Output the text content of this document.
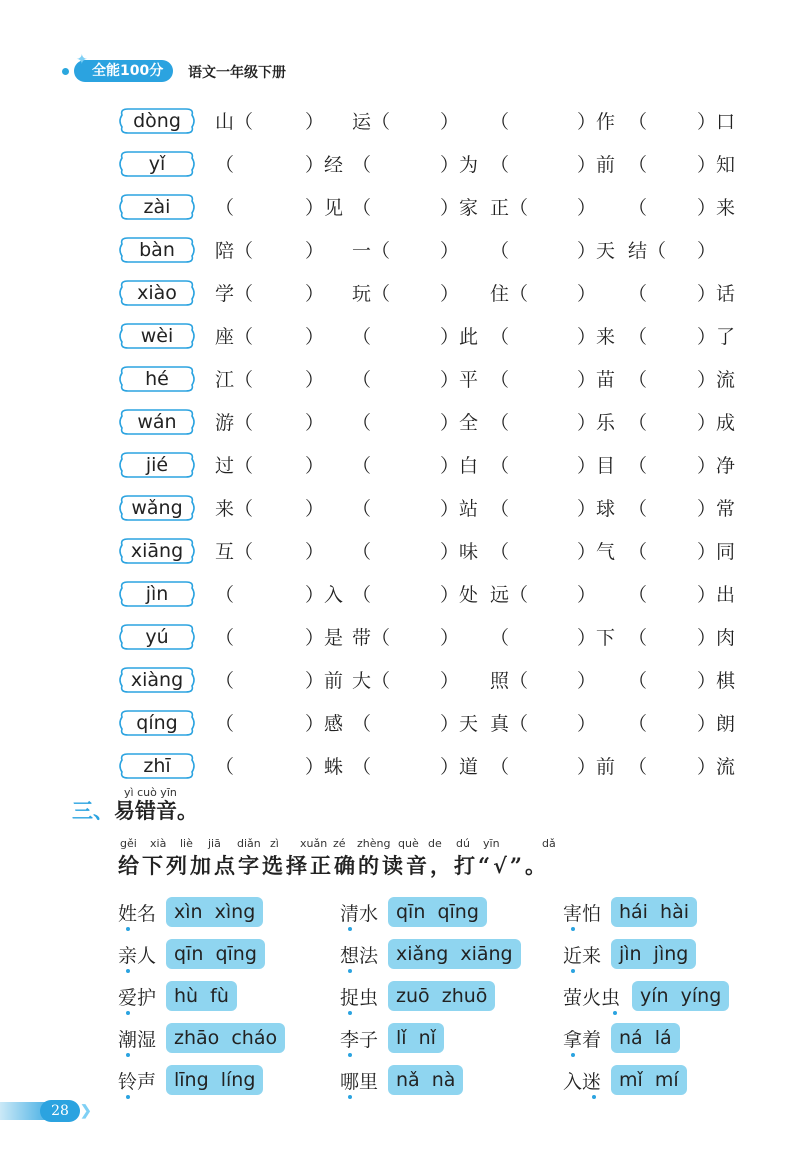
全能100分
✦
语文一年级下册
dòng	山（	） 运（	） （	）作 （	）口
yǐ	（	）经 （	）为 （	）前 （	）知
zài	（	）见 （	）家 正（	） （	）来
bàn	陪（	） 一（	） （	）天 结（ ）
xiào	学（	） 玩（	） 住（	） （	）话
wèi	座（	） （	）此 （	）来 （	）了
hé	江（	） （	）平 （	）苗 （	）流
wán	游（	） （	）全 （	）乐 （	）成
jié	过（	） （	）白 （	）目 （	）净
wǎng	来（	） （	）站 （	）球 （	）常
xiāng	互（	） （	）味 （	）气 （	）同
jìn	（	）入 （	）处 远（	） （	）出
yú	（	）是 带（	） （	）下 （	）肉
xiàng	（	）前 大（	） 照（	） （	）棋
qíng	（	）感 （	）天 真（	） （	）朗
zhī	（	）蛛 （	）道 （	）前 （	）流
yì cuò yīn
三、易错音。
gěi xià liè jiā diǎn zì xuǎn zé zhèng què de dú yīn	dǎ
给下列加点字选择正确的读音，打“√”。
姓名 xìn  xìng	清水 qīn  qīng	害怕 hái  hài
亲人 qīn  qīng	想法 xiǎng  xiāng	近来 jìn  jìng
爱护 hù  fù	捉虫 zuō  zhuō	萤火虫	yín  yíng
潮湿 zhāo  cháo	李子 lǐ  nǐ	拿着 ná  lá
铃声 līng  líng	哪里 nǎ  nà	入迷 mǐ  mí
28 ❯
